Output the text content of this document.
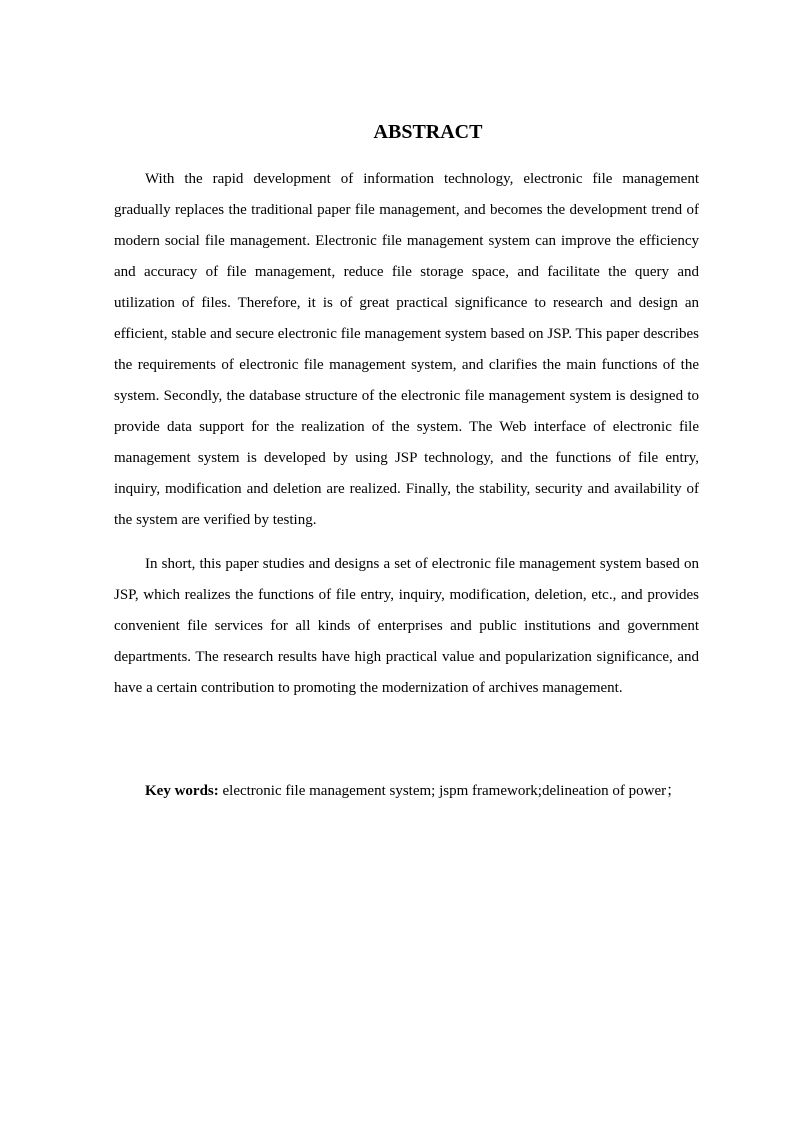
ABSTRACT

With the rapid development of information technology, electronic file management gradually replaces the traditional paper file management, and becomes the development trend of modern social file management. Electronic file management system can improve the efficiency and accuracy of file management, reduce file storage space, and facilitate the query and utilization of files. Therefore, it is of great practical significance to research and design an efficient, stable and secure electronic file management system based on JSP. This paper describes the requirements of electronic file management system, and clarifies the main functions of the system. Secondly, the database structure of the electronic file management system is designed to provide data support for the realization of the system. The Web interface of electronic file management system is developed by using JSP technology, and the functions of file entry, inquiry, modification and deletion are realized. Finally, the stability, security and availability of the system are verified by testing.

In short, this paper studies and designs a set of electronic file management system based on JSP, which realizes the functions of file entry, inquiry, modification, deletion, etc., and provides convenient file services for all kinds of enterprises and public institutions and government departments. The research results have high practical value and popularization significance, and have a certain contribution to promoting the modernization of archives management.

Key words: electronic file management system; jspm framework;delineation of power；
